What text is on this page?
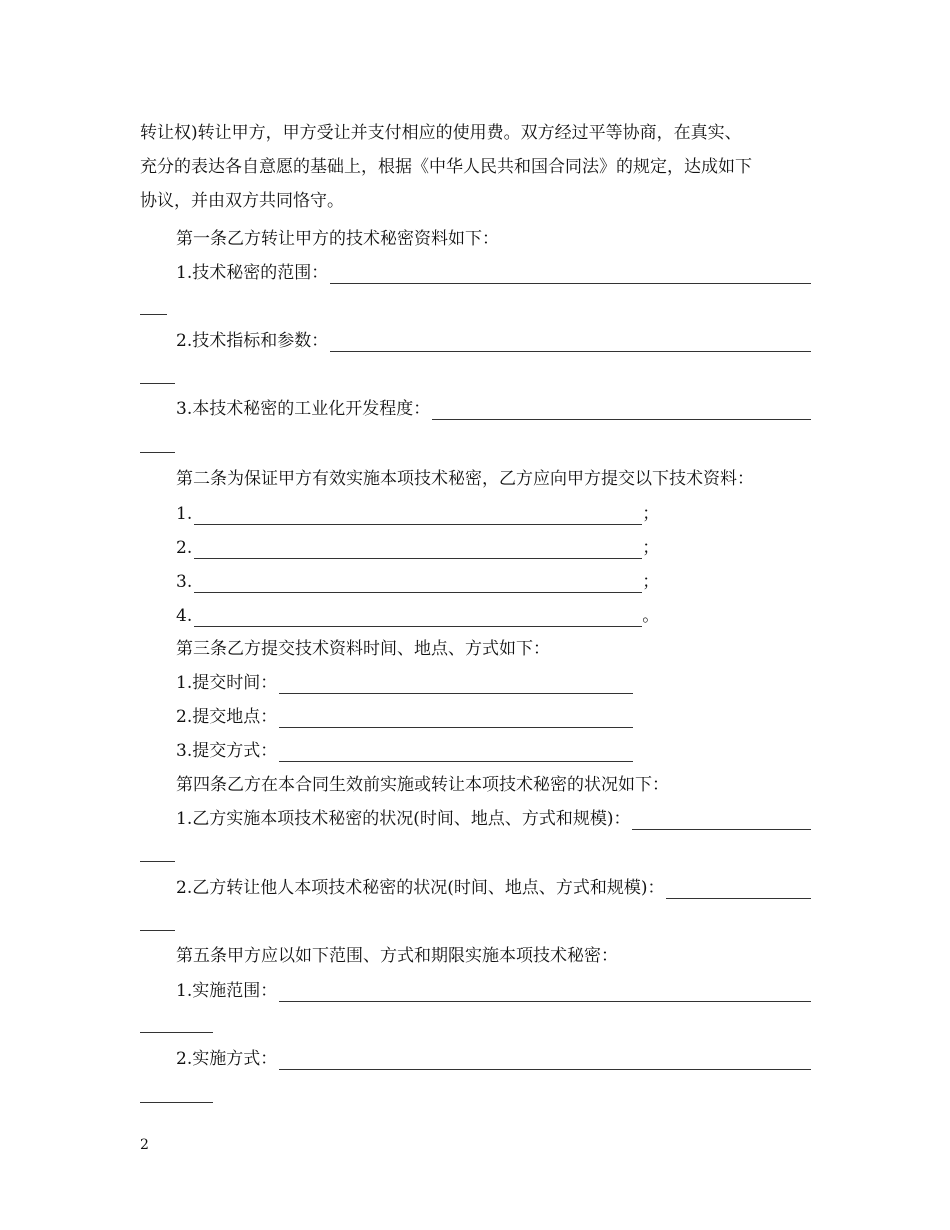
转让权)转让甲方，甲方受让并支付相应的使用费。双方经过平等协商，在真实、
充分的表达各自意愿的基础上，根据《中华人民共和国合同法》的规定，达成如下
协议，并由双方共同恪守。
第一条乙方转让甲方的技术秘密资料如下：
1.技术秘密的范围：
2.技术指标和参数：
3.本技术秘密的工业化开发程度：
第二条为保证甲方有效实施本项技术秘密，乙方应向甲方提交以下技术资料：
1.	；
2.	；
3.	；
4.	。
第三条乙方提交技术资料时间、地点、方式如下：
1.提交时间：
2.提交地点：
3.提交方式：
第四条乙方在本合同生效前实施或转让本项技术秘密的状况如下：
1.乙方实施本项技术秘密的状况(时间、地点、方式和规模)：
2.乙方转让他人本项技术秘密的状况(时间、地点、方式和规模)：
第五条甲方应以如下范围、方式和期限实施本项技术秘密：
1.实施范围：
2.实施方式：
2
